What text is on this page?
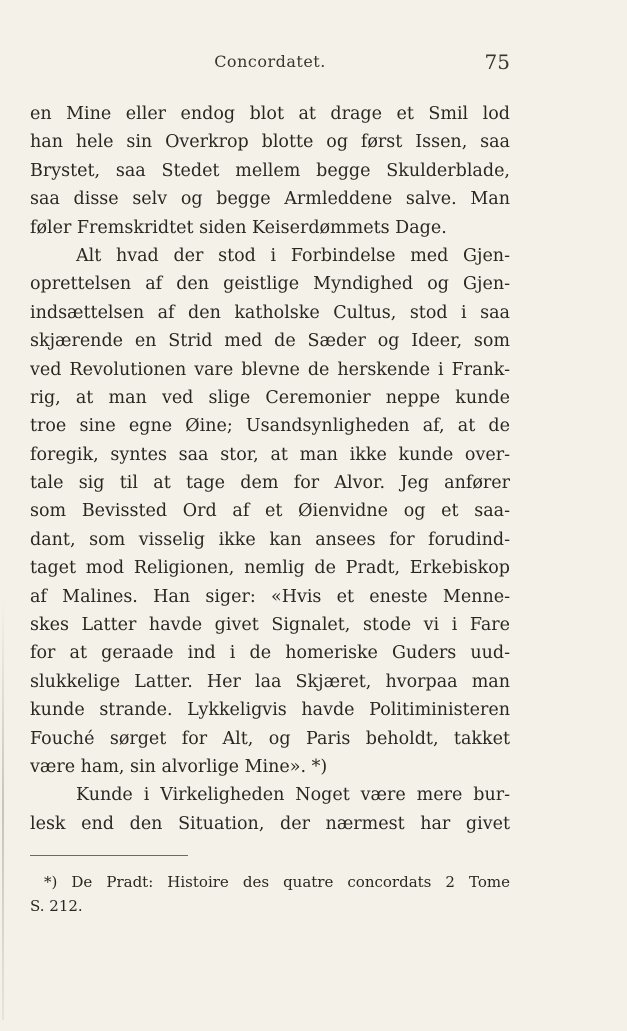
Concordatet.	75
en Mine eller endog blot at drage et Smil lod
han hele sin Overkrop blotte og først Issen, saa
Brystet, saa Stedet mellem begge Skulderblade,
saa disse selv og begge Armleddene salve. Man
føler Fremskridtet siden Keiserdømmets Dage.
Alt hvad der stod i Forbindelse med Gjen-
oprettelsen af den geistlige Myndighed og Gjen-
indsættelsen af den katholske Cultus, stod i saa
skjærende en Strid med de Sæder og Ideer, som
ved Revolutionen vare blevne de herskende i Frank-
rig, at man ved slige Ceremonier neppe kunde
troe sine egne Øine; Usandsynligheden af, at de
foregik, syntes saa stor, at man ikke kunde over-
tale sig til at tage dem for Alvor. Jeg anfører
som Bevissted Ord af et Øienvidne og et saa-
dant, som visselig ikke kan ansees for forudind-
taget mod Religionen, nemlig de Pradt, Erkebiskop
af Malines. Han siger: «Hvis et eneste Menne-
skes Latter havde givet Signalet, stode vi i Fare
for at geraade ind i de homeriske Guders uud-
slukkelige Latter. Her laa Skjæret, hvorpaa man
kunde strande. Lykkeligvis havde Politiministeren
Fouché sørget for Alt, og Paris beholdt, takket
være ham, sin alvorlige Mine». *)
Kunde i Virkeligheden Noget være mere bur-
lesk end den Situation, der nærmest har givet
*) De Pradt: Histoire des quatre concordats 2 Tome
S. 212.
